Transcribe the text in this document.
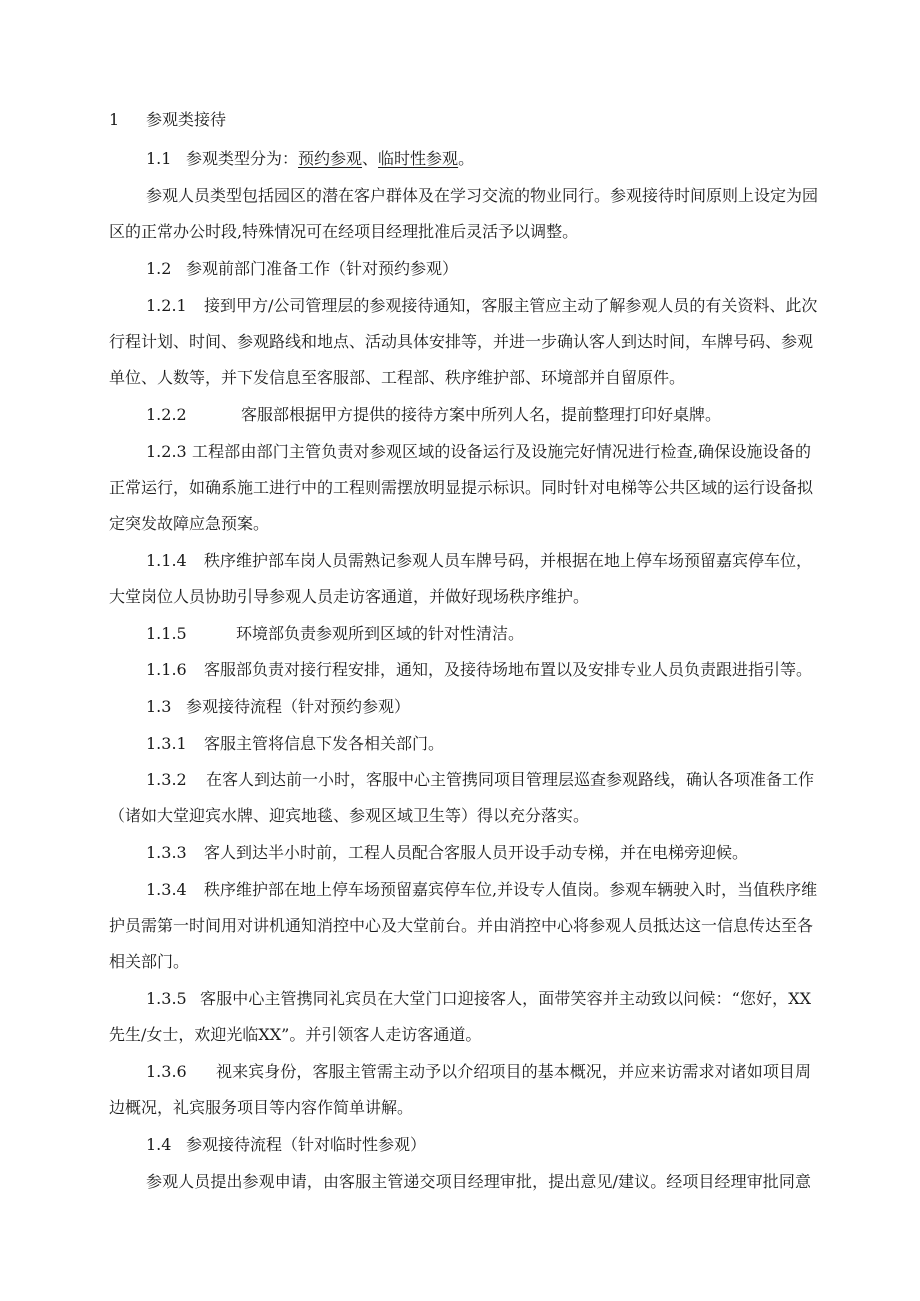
1 参观类接待
1.1 参观类型分为：预约参观、临时性参观。
参观人员类型包括园区的潜在客户群体及在学习交流的物业同行。参观接待时间原则上设定为园
区的正常办公时段,特殊情况可在经项目经理批准后灵活予以调整。
1.2 参观前部门准备工作（针对预约参观）
1.2.1 接到甲方/公司管理层的参观接待通知，客服主管应主动了解参观人员的有关资料、此次
行程计划、时间、参观路线和地点、活动具体安排等，并进一步确认客人到达时间，车牌号码、参观
单位、人数等，并下发信息至客服部、工程部、秩序维护部、环境部并自留原件。
1.2.2	客服部根据甲方提供的接待方案中所列人名，提前整理打印好桌牌。
1.2.3 工程部由部门主管负责对参观区域的设备运行及设施完好情况进行检查,确保设施设备的
正常运行，如确系施工进行中的工程则需摆放明显提示标识。同时针对电梯等公共区域的运行设备拟
定突发故障应急预案。
1.1.4 秩序维护部车岗人员需熟记参观人员车牌号码，并根据在地上停车场预留嘉宾停车位，
大堂岗位人员协助引导参观人员走访客通道，并做好现场秩序维护。
1.1.5	环境部负责参观所到区域的针对性清洁。
1.1.6 客服部负责对接行程安排，通知，及接待场地布置以及安排专业人员负责跟进指引等。
1.3 参观接待流程（针对预约参观）
1.3.1 客服主管将信息下发各相关部门。
1.3.2 在客人到达前一小时，客服中心主管携同项目管理层巡查参观路线，确认各项准备工作
（诸如大堂迎宾水牌、迎宾地毯、参观区域卫生等）得以充分落实。
1.3.3 客人到达半小时前，工程人员配合客服人员开设手动专梯，并在电梯旁迎候。
1.3.4 秩序维护部在地上停车场预留嘉宾停车位,并设专人值岗。参观车辆驶入时，当值秩序维
护员需第一时间用对讲机通知消控中心及大堂前台。并由消控中心将参观人员抵达这一信息传达至各
相关部门。
1.3.5 客服中心主管携同礼宾员在大堂门口迎接客人，面带笑容并主动致以问候：“您好，XX
先生/女士，欢迎光临XX”。并引领客人走访客通道。
1.3.6 视来宾身份，客服主管需主动予以介绍项目的基本概况，并应来访需求对诸如项目周
边概况，礼宾服务项目等内容作简单讲解。
1.4 参观接待流程（针对临时性参观）
参观人员提出参观申请，由客服主管递交项目经理审批，提出意见/建议。经项目经理审批同意
